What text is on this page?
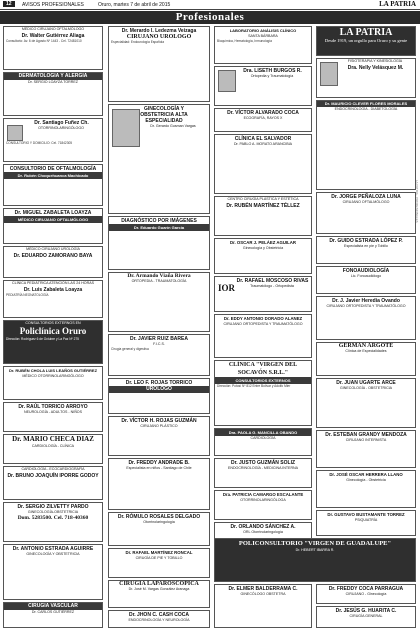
12	AVISOS PROFESIONALES	Oruro, martes 7 de abril de 2015	LA PATRIA
Profesionales
MÉDICO CIRUJANO OFTALMÓLOGO
Dr. Walter Gutiérrez Aliaga
Consultorio: Av. 6 de Agosto Nº 1443 - Cel. 72481010
DERMATOLOGÍA Y ALERGIA
Dr. SERGIO LOAYZA TORREZ
Dr. Santiago Fuñez Ch.
OTORRINOLARINGÓLOGO
CONSULTORIO Y DOMICILIO: Cel. 71842305
CONSULTORIO DE OFTALMOLOGÍA
Dr. Rubén Choquehuanca Machicado
Dr. MIGUEL ZABALETA LOAYZA
MÉDICO CIRUJANO OFTALMÓLOGO
MÉDICO CIRUJANO UROLOGÍA
Dr. EDUARDO ZAMORANO BAYA
CLÍNICA PEDIÁTRICA ATENCIÓN LAS 24 HORAS
Dr. Luis Zabaleta Loayza
PEDIATRÍA NEONATOLOGÍA
CONSULTORIOS EXTERNOS EN
Policlínica Oruro
Dirección: Rodríguez 6 de Octubre y La Paz Nº 275
Dr. RUBÉN CHOLA LUIS LEAÑOS GUTIÉRREZ
MÉDICO OTORRINOLARINGÓLOGO
Dr. RAÚL TORRICO ARROYO
NEUROLOGÍA - ADULTOS - NIÑOS
Dr. MARIO CHECA DIAZ
CARDIOLOGÍA - CLÍNICA
CARDIOLOGÍA - ECOCARDIOGRAFÍA
Dr. BRUNO JOAQUÍN IPORRE GODOY
Dr. SERGIO ZILVETTY PARDO
GINECOLOGÍA-OBSTETRICIA
Dom. 5283500. Cel. 718-40360
Dr. ANTONIO ESTRADA AGUIRRE
GINECOLOGÍA Y OBSTETRICIA
CIRUGÍA VASCULAR
Dr. CARLOS GUTIÉRREZ
Dr. Merardo I. Ledezma Veizaga
CIRUJANO UROLOGO
Especialidad: Endourología Española
GINECOLOGÍA Y OBSTETRICIA ALTA ESPECIALIDAD
Dr. Gerardo Gusman Vargas
DIAGNÓSTICO POR IMÁGENES
Dr. Eduardo Guarín García
Dr. Armando Viaña Rivera
ORTOPEDIA - TRAUMATOLOGÍA
Dr. JAVIER RUIZ BAREA
F.I.C.S.
Cirugía general y digestiva
Dr. LEO F. ROJAS TORRICO
UROLOGO
Dr. VÍCTOR H. ROJAS GUZMÁN
CIRUJANO PLÁSTICO
Dr. FREDDY ANDRADE B.
Especialista en niños - Santiago de Chile
Dr. RÓMULO ROSALES DELGADO
Otorrinolaringología
Dr. RAFAEL MARTÍNEZ RONCAL
CIRUGÍA DE PIE Y TOBILLO
CIRUGÍA LAPAROSCÓPICA
Dr. José M. Vargas González Aranaga
Dr. JHON C. CASH COCA
ENDOCRINOLOGÍA Y NEUROLOGÍA
LABORATORIO ANÁLISIS CLÍNICO
SANTA BÁRBARA
Bioquímica, Hematología, Inmunología
Dra. LISETH BURGOS R.
Ortopedia y Traumatología
Dr. VÍCTOR ALVARADO COCA
ECOGRAFÍA, RAYOS X
CLÍNICA EL SALVADOR
Dr. PABLO A. MORATO ARANCIBIA
CENTRO CIRUGÍA PLÁSTICA Y ESTÉTICA
Dr. RUBÉN MARTÍNEZ TÉLLEZ
Dr. OSCAR J. PELÁEZ AGUILAR
Ginecología y Obstetricia
IOR
Dr. RAFAEL MOSCOSO RIVAS
Traumatólogo - Ortopedista
Dr. EDDY ANTONIO DORADO ALANEZ
CIRUJANO ORTOPEDISTA Y TRAUMATÓLOGO
CLÍNICA "VIRGEN DEL SOCAVÓN S.R.L."
CONSULTORIOS EXTERNOS
Dirección: Potosí Nº 812 Entre Bolívar y Adolfo Mier
Dra. PAOLA G. MANCILLA OBANDO
CARDIOLOGÍA
Dr. JUSTO GUZMÁN SOLIZ
ENDOCRINOLOGÍA - MEDICINA INTERNA
Dra. PATRICIA CAMARGO ESCALANTE
OTORRINOLARINGÓLOGA
Dr. ORLANDO SÁNCHEZ A.
ORL Otorrinolaringología
POLICONSULTORIO "VIRGEN DE GUADALUPE"
Dr. HEBERT IBARRA R.
Dr. ELMER BALDERRAMA C.
GINECÓLOGO OBSTETRA
LA PATRIA
Desde 1919, un orgullo para Oruro y su gente
FISIOTERAPIA Y KINESIOLOGÍA
Dra. Nelly Velásquez M.
Dr. MAURICIO CLEVER FLORES MORALES
ENDOCRINOLOGÍA - DIABETOLOGÍA
Dr. JORGE PEÑALOZA LUNA
CIRUJANO OFTALMÓLOGO
Dr. GUIDO ESTRADA LÓPEZ P.
Especialista en pie y Tobillo
FONOAUDIOLOGÍA
Lic. Fonoaudiólogo
Dr. J. Javier Heredia Ovando
CIRUJANO ORTOPEDISTA Y TRAUMATÓLOGO
GERMAN ARGOTE
Clínica de Especialidades
Dr. JUAN UGARTE ARCE
GINECOLOGÍA - OBSTETRICIA
Dr. ESTEBAN GRANDY MENDOZA
CIRUJANO INTERNISTA
Dr. JOSÉ OSCAR HERRERA LLANO
Ginecología - Obstetricia
Dr. GUSTAVO BUSTAMANTE TORREZ
PSIQUIATRÍA
Dr. FREDDY COCA PARRAGUA
CIRUJANO - Ginecología
Dr. JESÚS G. HUARITA C.
CIRUGÍA GENERAL
LA PATRIA - PROFESIONALES
